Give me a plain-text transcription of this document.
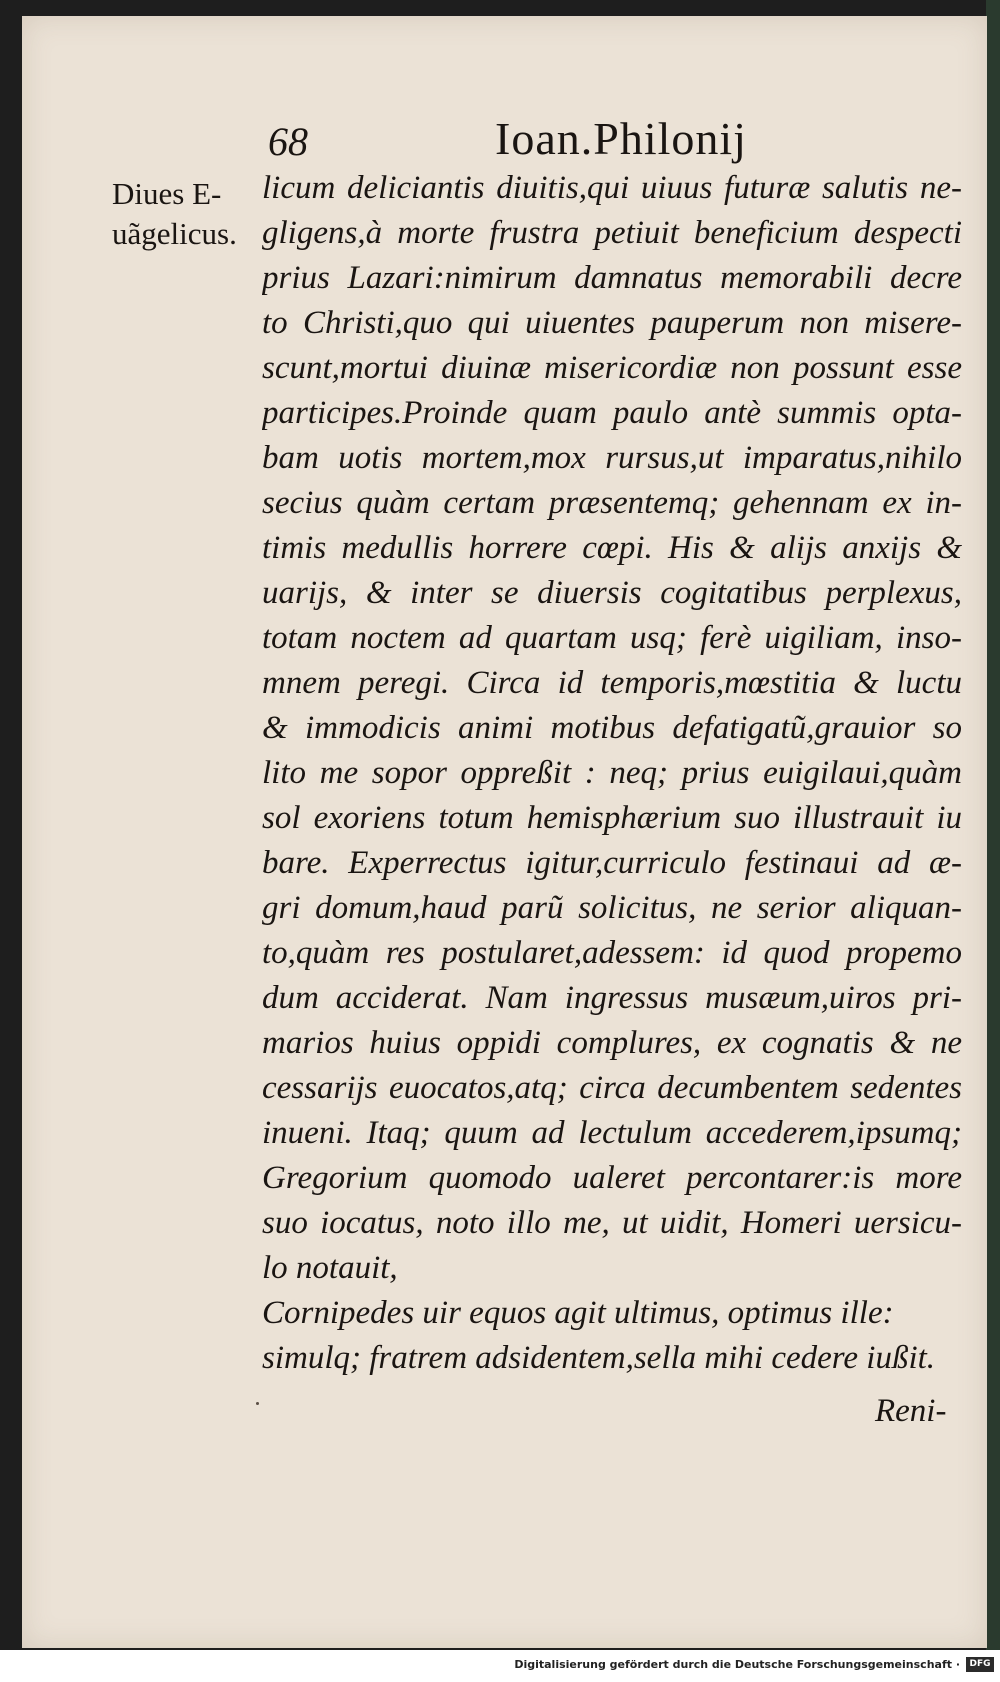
68	Ioan.Philonij
Diues E-
uãgelicus.
licum deliciantis diuitis,qui uiuus futuræ salutis ne-
gligens,à morte frustra petiuit beneficium despecti
prius Lazari:nimirum damnatus memorabili decre
to Christi,quo qui uiuentes pauperum non misere-
scunt,mortui diuinæ misericordiæ non possunt esse
participes.Proinde quam paulo antè summis opta-
bam uotis mortem,mox rursus,ut imparatus,nihilo
secius quàm certam præsentemq; gehennam ex in-
timis medullis horrere cœpi. His & alijs anxijs &
uarijs, & inter se diuersis cogitatibus perplexus,
totam noctem ad quartam usq; ferè uigiliam, inso-
mnem peregi. Circa id temporis,mœstitia & luctu
& immodicis animi motibus defatigatũ,grauior so
lito me sopor oppreßit : neq; prius euigilaui,quàm
sol exoriens totum hemisphærium suo illustrauit iu
bare. Experrectus igitur,curriculo festinaui ad æ-
gri domum,haud parũ solicitus, ne serior aliquan-
to,quàm res postularet,adessem: id quod propemo
dum acciderat. Nam ingressus musæum,uiros pri-
marios huius oppidi complures, ex cognatis & ne
cessarijs euocatos,atq; circa decumbentem sedentes
inueni. Itaq; quum ad lectulum accederem,ipsumq;
Gregorium quomodo ualeret percontarer:is more
suo iocatus, noto illo me, ut uidit, Homeri uersicu-
lo notauit,
Cornipedes uir equos agit ultimus, optimus ille:
simulq; fratrem adsidentem,sella mihi cedere iußit.
Reni-
Digitalisierung gefördert durch die Deutsche Forschungsgemeinschaft ·	DFG
